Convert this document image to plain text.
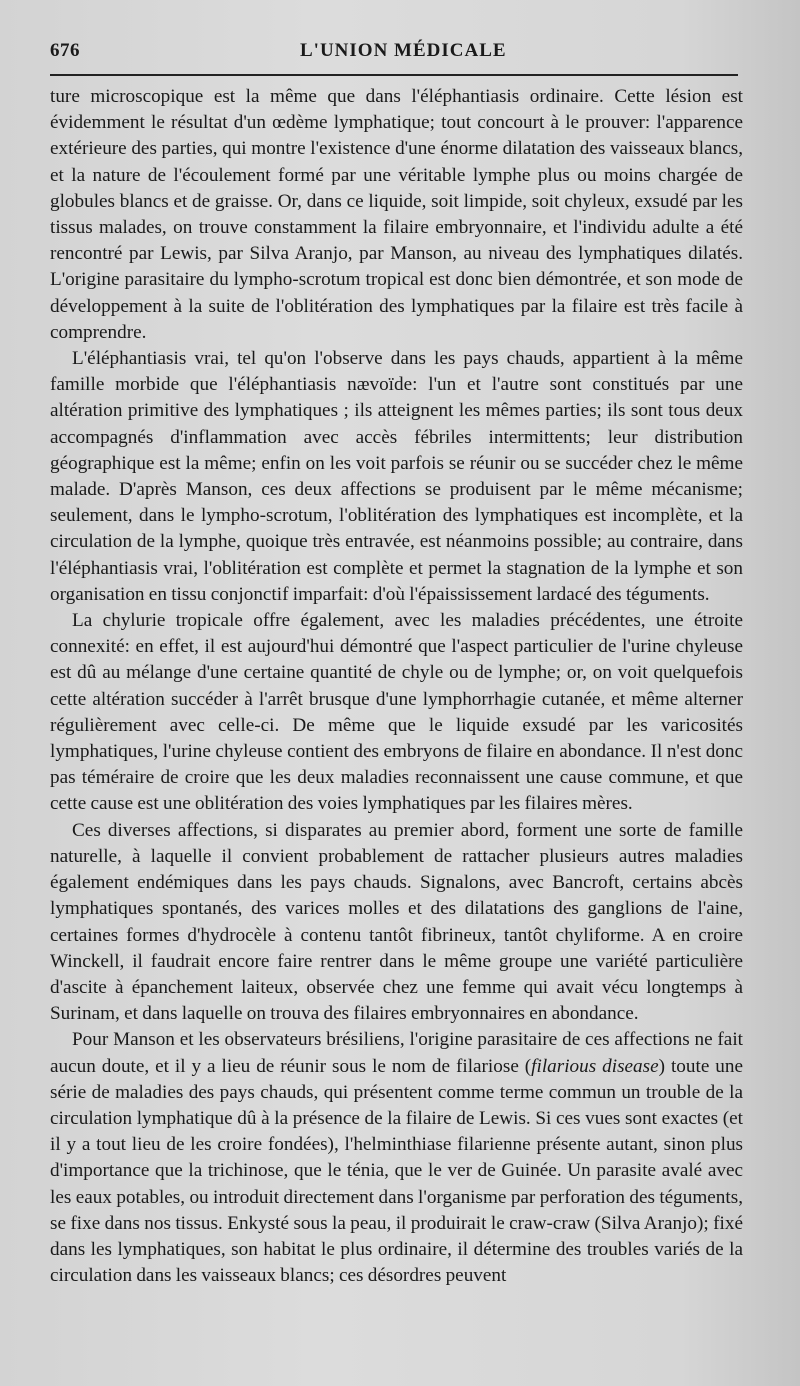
676	L'UNION MÉDICALE

ture microscopique est la même que dans l'éléphantiasis ordinaire. Cette lésion est évidemment le résultat d'un œdème lymphatique; tout concourt à le prouver: l'apparence extérieure des parties, qui montre l'existence d'une énorme dilatation des vaisseaux blancs, et la nature de l'écoulement formé par une véritable lymphe plus ou moins chargée de globules blancs et de graisse. Or, dans ce liquide, soit limpide, soit chyleux, exsudé par les tissus malades, on trouve constamment la filaire embryonnaire, et l'individu adulte a été rencontré par Lewis, par Silva Aranjo, par Manson, au niveau des lymphatiques dilatés. L'origine parasitaire du lympho-scrotum tropical est donc bien démontrée, et son mode de développement à la suite de l'oblitération des lymphatiques par la filaire est très facile à comprendre.

L'éléphantiasis vrai, tel qu'on l'observe dans les pays chauds, appartient à la même famille morbide que l'éléphantiasis nævoïde: l'un et l'autre sont constitués par une altération primitive des lymphatiques ; ils atteignent les mêmes parties; ils sont tous deux accompagnés d'inflammation avec accès fébriles intermittents; leur distribution géographique est la même; enfin on les voit parfois se réunir ou se succéder chez le même malade. D'après Manson, ces deux affections se produisent par le même mécanisme; seulement, dans le lympho-scrotum, l'oblitération des lymphatiques est incomplète, et la circulation de la lymphe, quoique très entravée, est néanmoins possible; au contraire, dans l'éléphantiasis vrai, l'oblitération est complète et permet la stagnation de la lymphe et son organisation en tissu conjonctif imparfait: d'où l'épaississement lardacé des téguments.

La chylurie tropicale offre également, avec les maladies précédentes, une étroite connexité: en effet, il est aujourd'hui démontré que l'aspect particulier de l'urine chyleuse est dû au mélange d'une certaine quantité de chyle ou de lymphe; or, on voit quelquefois cette altération succéder à l'arrêt brusque d'une lymphorrhagie cutanée, et même alterner régulièrement avec celle-ci. De même que le liquide exsudé par les varicosités lymphatiques, l'urine chyleuse contient des embryons de filaire en abondance. Il n'est donc pas téméraire de croire que les deux maladies reconnaissent une cause commune, et que cette cause est une oblitération des voies lymphatiques par les filaires mères.

Ces diverses affections, si disparates au premier abord, forment une sorte de famille naturelle, à laquelle il convient probablement de rattacher plusieurs autres maladies également endémiques dans les pays chauds. Signalons, avec Bancroft, certains abcès lymphatiques spontanés, des varices molles et des dilatations des ganglions de l'aine, certaines formes d'hydrocèle à contenu tantôt fibrineux, tantôt chyliforme. A en croire Winckell, il faudrait encore faire rentrer dans le même groupe une variété particulière d'ascite à épanchement laiteux, observée chez une femme qui avait vécu longtemps à Surinam, et dans laquelle on trouva des filaires embryonnaires en abondance.

Pour Manson et les observateurs brésiliens, l'origine parasitaire de ces affections ne fait aucun doute, et il y a lieu de réunir sous le nom de filariose (filarious disease) toute une série de maladies des pays chauds, qui présentent comme terme commun un trouble de la circulation lymphatique dû à la présence de la filaire de Lewis. Si ces vues sont exactes (et il y a tout lieu de les croire fondées), l'helminthiase filarienne présente autant, sinon plus d'importance que la trichinose, que le ténia, que le ver de Guinée. Un parasite avalé avec les eaux potables, ou introduit directement dans l'organisme par perforation des téguments, se fixe dans nos tissus. Enkysté sous la peau, il produirait le craw-craw (Silva Aranjo); fixé dans les lymphatiques, son habitat le plus ordinaire, il détermine des troubles variés de la circulation dans les vaisseaux blancs; ces désordres peuvent
